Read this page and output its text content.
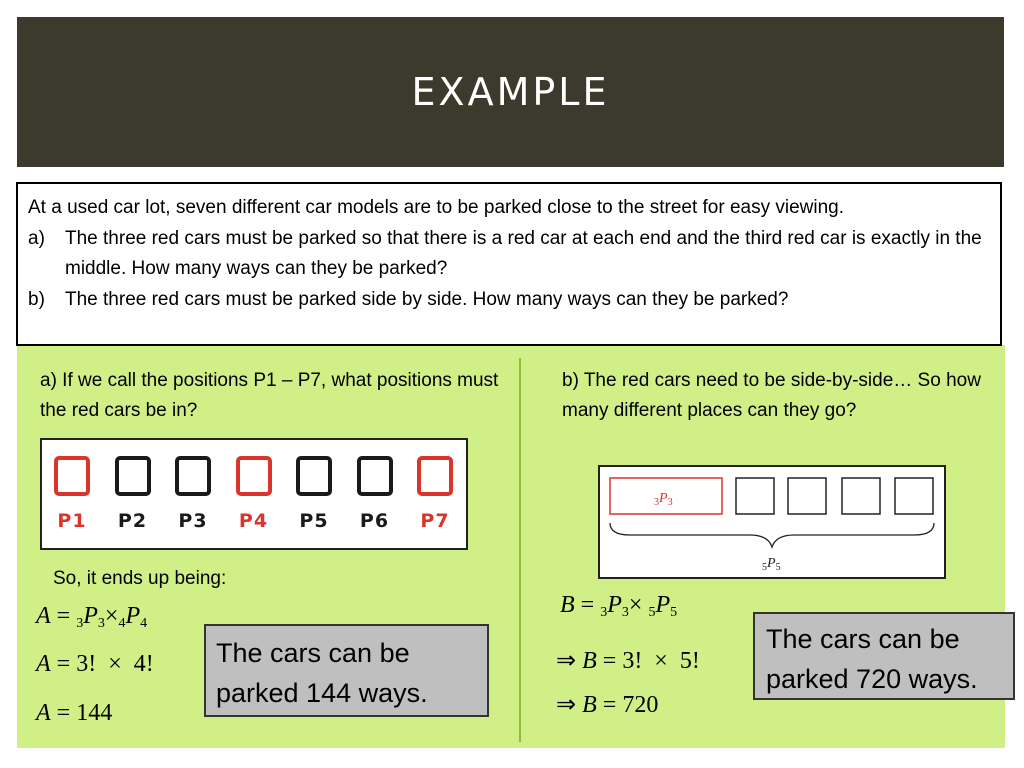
EXAMPLE

At a used car lot, seven different car models are to be parked close to the street for easy viewing.

a)	The three red cars must be parked so that there is a red car at each end and the third red car is exactly in the middle. How many ways can they be parked?
b)	The three red cars must be parked side by side. How many ways can they be parked?
a) If we call the positions P1 – P7, what positions must the red cars be in?
P1	P2	P3	P4	P5	P6	P7
So, it ends up being:
$A = _3P_3\times_4P_4$
A = 3!  ×  4!
A = 144
The cars can be parked 144 ways.
b) The red cars need to be side-by-side… So how many different places can they go?
$_3P_3$
$_5P_5$
$B = _3P_3\times _5P_5$
⇒ B = 3!  ×  5!
⇒ B = 720
The cars can be parked 720 ways.
